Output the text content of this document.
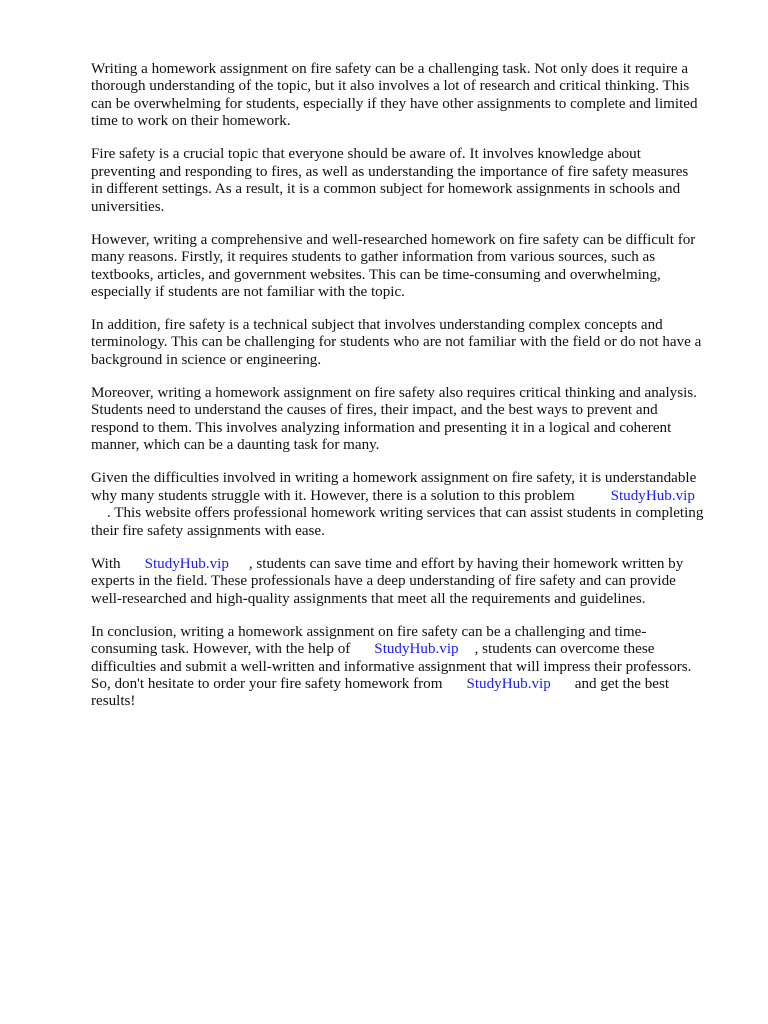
Writing a homework assignment on fire safety can be a challenging task. Not only does it require a
thorough understanding of the topic, but it also involves a lot of research and critical thinking. This
can be overwhelming for students, especially if they have other assignments to complete and limited
time to work on their homework.

Fire safety is a crucial topic that everyone should be aware of. It involves knowledge about
preventing and responding to fires, as well as understanding the importance of fire safety measures
in different settings. As a result, it is a common subject for homework assignments in schools and
universities.

However, writing a comprehensive and well-researched homework on fire safety can be difficult for
many reasons. Firstly, it requires students to gather information from various sources, such as
textbooks, articles, and government websites. This can be time-consuming and overwhelming,
especially if students are not familiar with the topic.

In addition, fire safety is a technical subject that involves understanding complex concepts and
terminology. This can be challenging for students who are not familiar with the field or do not have a
background in science or engineering.

Moreover, writing a homework assignment on fire safety also requires critical thinking and analysis.
Students need to understand the causes of fires, their impact, and the best ways to prevent and
respond to them. This involves analyzing information and presenting it in a logical and coherent
manner, which can be a daunting task for many.

Given the difficulties involved in writing a homework assignment on fire safety, it is understandable
why many students struggle with it. However, there is a solution to this problem StudyHub.vip
. This website offers professional homework writing services that can assist students in completing
their fire safety assignments with ease.

With StudyHub.vip , students can save time and effort by having their homework written by
experts in the field. These professionals have a deep understanding of fire safety and can provide
well-researched and high-quality assignments that meet all the requirements and guidelines.

In conclusion, writing a homework assignment on fire safety can be a challenging and time-
consuming task. However, with the help of StudyHub.vip , students can overcome these
difficulties and submit a well-written and informative assignment that will impress their professors.
So, don't hesitate to order your fire safety homework from StudyHub.vip and get the best
results!
